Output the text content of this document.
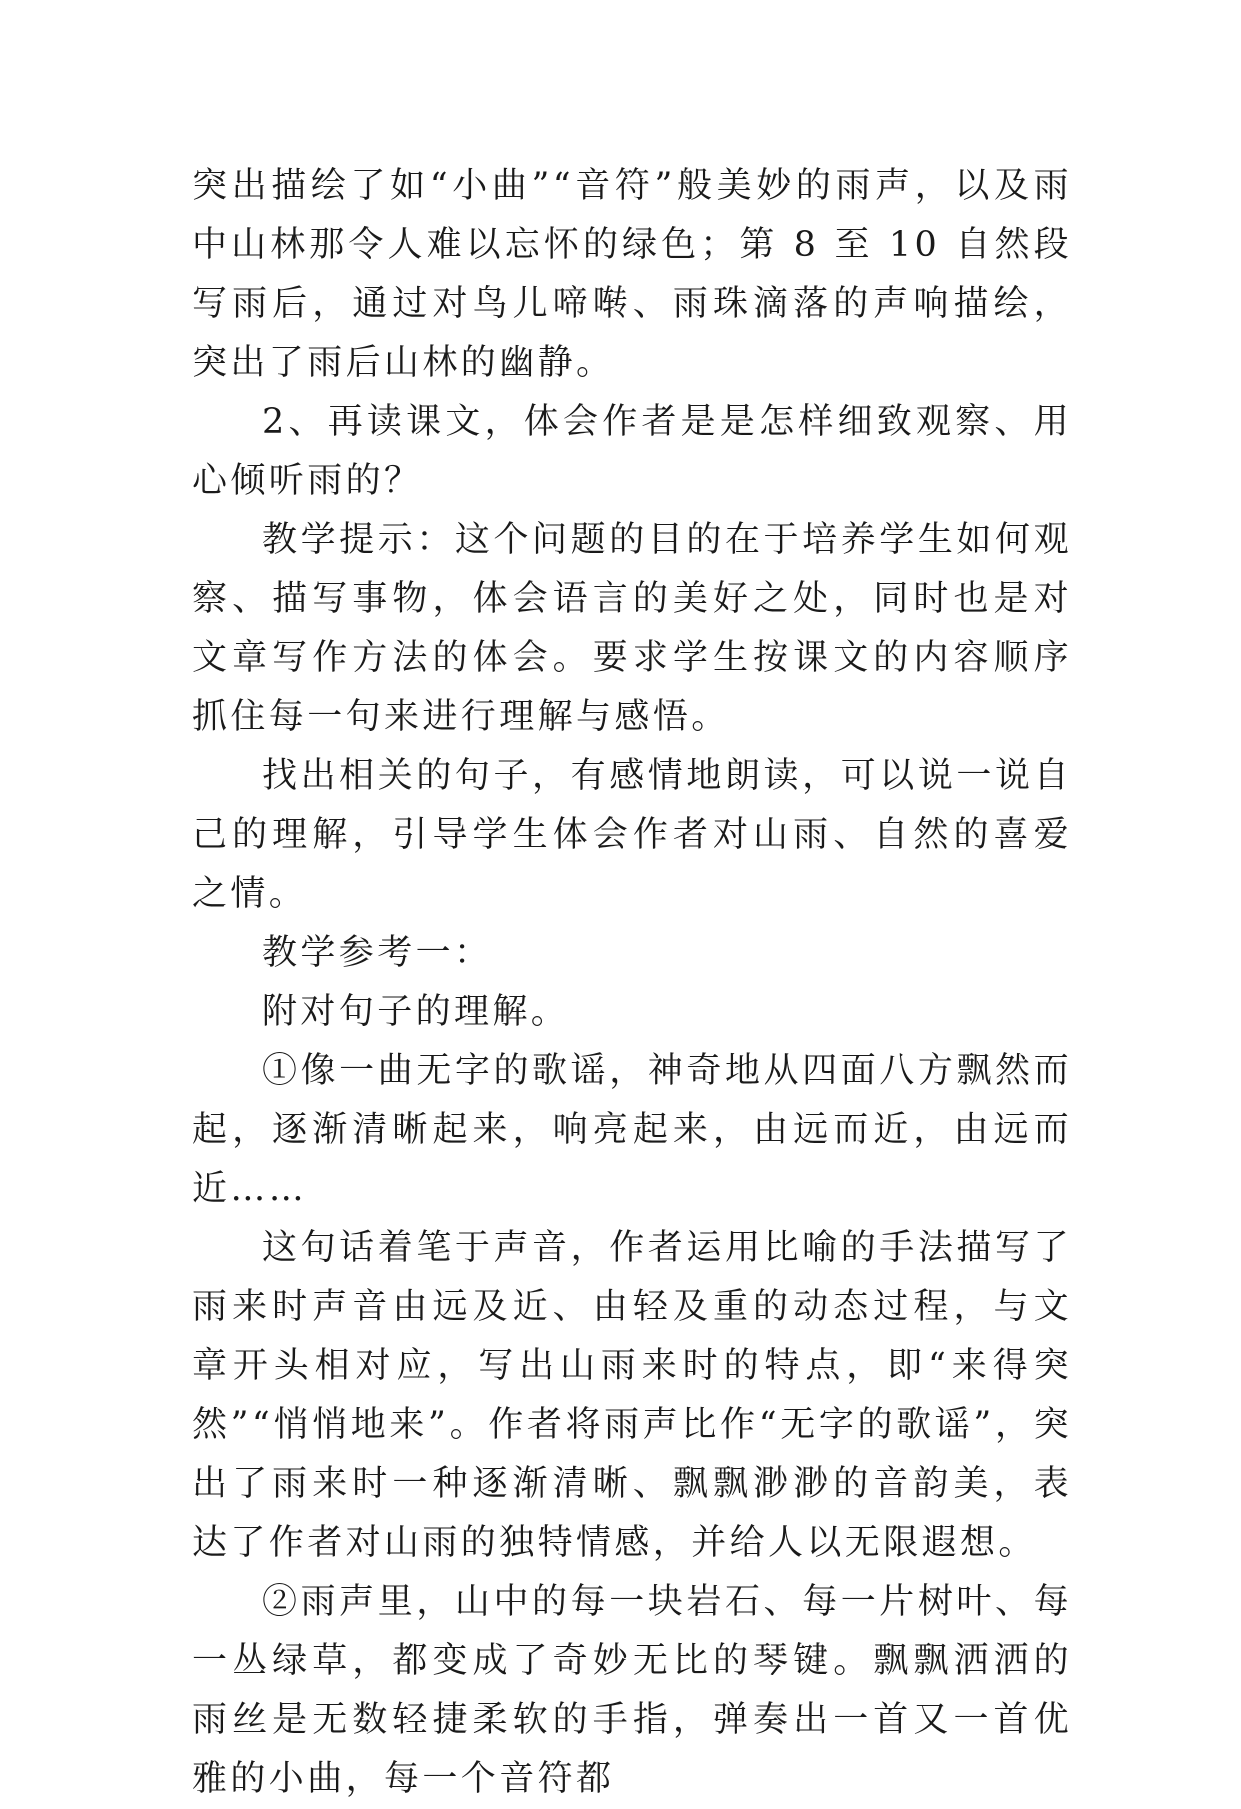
突出描绘了如“小曲”“音符”般美妙的雨声，以及雨中山林那令人难以忘怀的绿色；第 8 至 10 自然段写雨后，通过对鸟儿啼啭、雨珠滴落的声响描绘，突出了雨后山林的幽静。

2、再读课文，体会作者是是怎样细致观察、用心倾听雨的？

教学提示：这个问题的目的在于培养学生如何观察、描写事物，体会语言的美好之处，同时也是对文章写作方法的体会。要求学生按课文的内容顺序抓住每一句来进行理解与感悟。

找出相关的句子，有感情地朗读，可以说一说自己的理解，引导学生体会作者对山雨、自然的喜爱之情。

教学参考一：

附对句子的理解。

①像一曲无字的歌谣，神奇地从四面八方飘然而起，逐渐清晰起来，响亮起来，由远而近，由远而近……

这句话着笔于声音，作者运用比喻的手法描写了雨来时声音由远及近、由轻及重的动态过程，与文章开头相对应，写出山雨来时的特点，即“来得突然”“悄悄地来”。作者将雨声比作“无字的歌谣”，突出了雨来时一种逐渐清晰、飘飘渺渺的音韵美，表达了作者对山雨的独特情感，并给人以无限遐想。

②雨声里，山中的每一块岩石、每一片树叶、每一丛绿草，都变成了奇妙无比的琴键。飘飘洒洒的雨丝是无数轻捷柔软的手指，弹奏出一首又一首优雅的小曲，每一个音符都
